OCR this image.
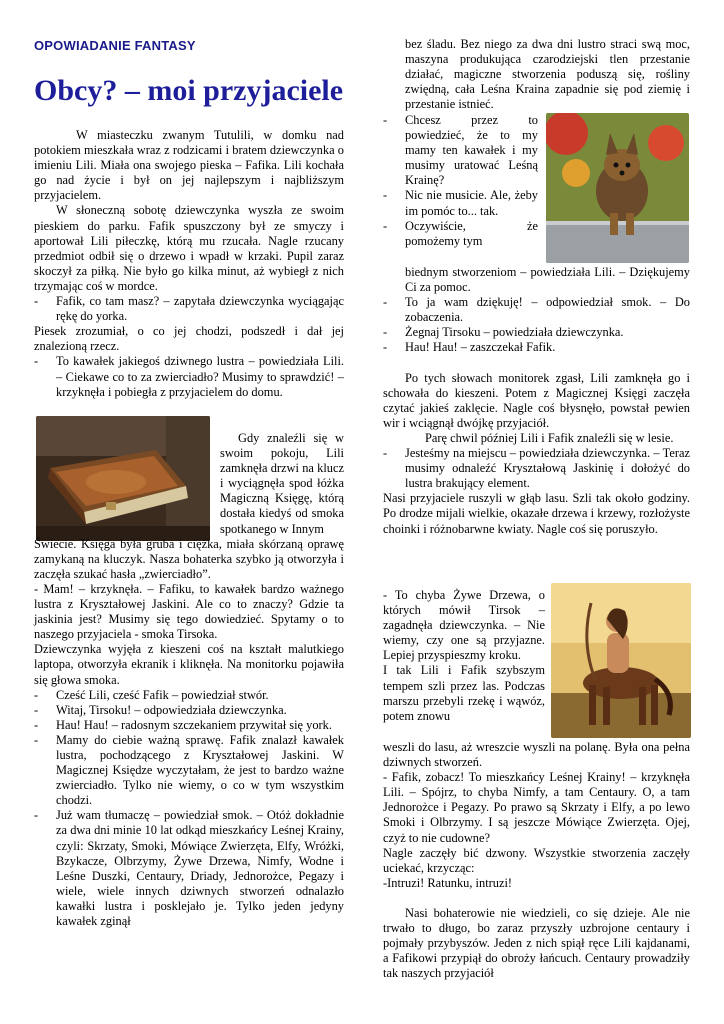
OPOWIADANIE FANTASY
Obcy? – moi przyjaciele

W miasteczku zwanym Tutulili, w domku nad potokiem mieszkała wraz z rodzicami i bratem dziewczynka o imieniu Lili. Miała ona swojego pieska – Fafika. Lili kochała go nad życie i był on jej najlepszym i najbliższym przyjacielem.

W słoneczną sobotę dziewczynka wyszła ze swoim pieskiem do parku. Fafik spuszczony był ze smyczy i aportował Lili piłeczkę, którą mu rzucała. Nagle rzucany przedmiot odbił się o drzewo i wpadł w krzaki. Pupil zaraz skoczył za piłką. Nie było go kilka minut, aż wybiegł z nich trzymając coś w mordce.

-	Fafik, co tam masz? – zapytała dziewczynka wyciągając rękę do yorka.

Piesek zrozumiał, o co jej chodzi, podszedł i dał jej znalezioną rzecz.

-	To kawałek jakiegoś dziwnego lustra – powiedziała Lili. – Ciekawe co to za zwierciadło? Musimy to sprawdzić! – krzyknęła i pobiegła z przyjacielem do domu.

Gdy znaleźli się w swoim pokoju, Lili zamknęła drzwi na klucz i wyciągnęła spod łóżka Magiczną Księgę, którą dostała kiedyś od smoka spotkanego w Innym

Świecie. Księga była gruba i ciężka, miała skórzaną oprawę zamykaną na kluczyk. Nasza bohaterka szybko ją otworzyła i zaczęła szukać hasła „zwierciadło”.

- Mam! – krzyknęła. – Fafiku, to kawałek bardzo ważnego lustra z Kryształowej Jaskini. Ale co to znaczy? Gdzie ta jaskinia jest? Musimy się tego dowiedzieć. Spytamy o to naszego przyjaciela - smoka Tirsoka.

Dziewczynka wyjęła z kieszeni coś na kształt malutkiego laptopa, otworzyła ekranik i kliknęła. Na monitorku pojawiła się głowa smoka.

-	Cześć Lili, cześć Fafik – powiedział stwór.
-	Witaj, Tirsoku! – odpowiedziała dziewczynka.
-	Hau! Hau! – radosnym szczekaniem przywitał się york.
-	Mamy do ciebie ważną sprawę. Fafik znalazł kawałek lustra, pochodzącego z Kryształowej Jaskini. W Magicznej Księdze wyczytałam, że jest to bardzo ważne zwierciadło. Tylko nie wiemy, o co w tym wszystkim chodzi.
-	Już wam tłumaczę – powiedział smok. – Otóż dokładnie za dwa dni minie 10 lat odkąd mieszkańcy Leśnej Krainy, czyli: Skrzaty, Smoki, Mówiące Zwierzęta, Elfy, Wróżki, Bzykacze, Olbrzymy, Żywe Drzewa, Nimfy, Wodne i Leśne Duszki, Centaury, Driady, Jednorożce, Pegazy i wiele, wiele innych dziwnych stworzeń odnalazło kawałki lustra i posklejało je. Tylko jeden jedyny kawałek zginął

bez śladu. Bez niego za dwa dni lustro straci swą moc, maszyna produkująca czarodziejski tlen przestanie działać, magiczne stworzenia poduszą się, rośliny zwiędną, cała Leśna Kraina zapadnie się pod ziemię i przestanie istnieć.

-	Chcesz przez to powiedzieć, że to my mamy ten kawałek i my musimy uratować Leśną Krainę?
-	Nic nie musicie. Ale, żeby im pomóc to... tak.
-	Oczywiście, że pomożemy tym

biednym stworzeniom – powiedziała Lili. – Dziękujemy Ci za pomoc.

-	To ja wam dziękuję! – odpowiedział smok. – Do zobaczenia.
-	Żegnaj Tirsoku – powiedziała dziewczynka.
-	Hau! Hau! – zaszczekał Fafik.

Po tych słowach monitorek zgasł, Lili zamknęła go i schowała do kieszeni. Potem z Magicznej Księgi zaczęła czytać jakieś zaklęcie. Nagle coś błysnęło, powstał pewien wir i wciągnął dwójkę przyjaciół.

Parę chwil później Lili i Fafik znaleźli się w lesie.

-	Jesteśmy na miejscu – powiedziała dziewczynka. – Teraz musimy odnaleźć Kryształową Jaskinię i dołożyć do lustra brakujący element.

Nasi przyjaciele ruszyli w głąb lasu. Szli tak około godziny. Po drodze mijali wielkie, okazałe drzewa i krzewy, rozłożyste choinki i różnobarwne kwiaty. Nagle coś się poruszyło.

- To chyba Żywe Drzewa, o których mówił Tirsok – zagadnęła dziewczynka. – Nie wiemy, czy one są przyjazne. Lepiej przyspieszmy kroku.

I tak Lili i Fafik szybszym tempem szli przez las. Podczas marszu przebyli rzekę i wąwóz, potem znowu

weszli do lasu, aż wreszcie wyszli na polanę. Była ona pełna dziwnych stworzeń.

- Fafik, zobacz! To mieszkańcy Leśnej Krainy! – krzyknęła Lili. – Spójrz, to chyba Nimfy, a tam Centaury. O, a tam Jednorożce i Pegazy. Po prawo są Skrzaty i Elfy, a po lewo Smoki i Olbrzymy. I są jeszcze Mówiące Zwierzęta. Ojej, czyż to nie cudowne?

Nagle zaczęły bić dzwony. Wszystkie stworzenia zaczęły uciekać, krzycząc:

-Intruzi! Ratunku, intruzi!

Nasi bohaterowie nie wiedzieli, co się dzieje. Ale nie trwało to długo, bo zaraz przyszły uzbrojone centaury i pojmały przybyszów. Jeden z nich spiął ręce Lili kajdanami, a Fafikowi przypiął do obroży łańcuch. Centaury prowadziły tak naszych przyjaciół
